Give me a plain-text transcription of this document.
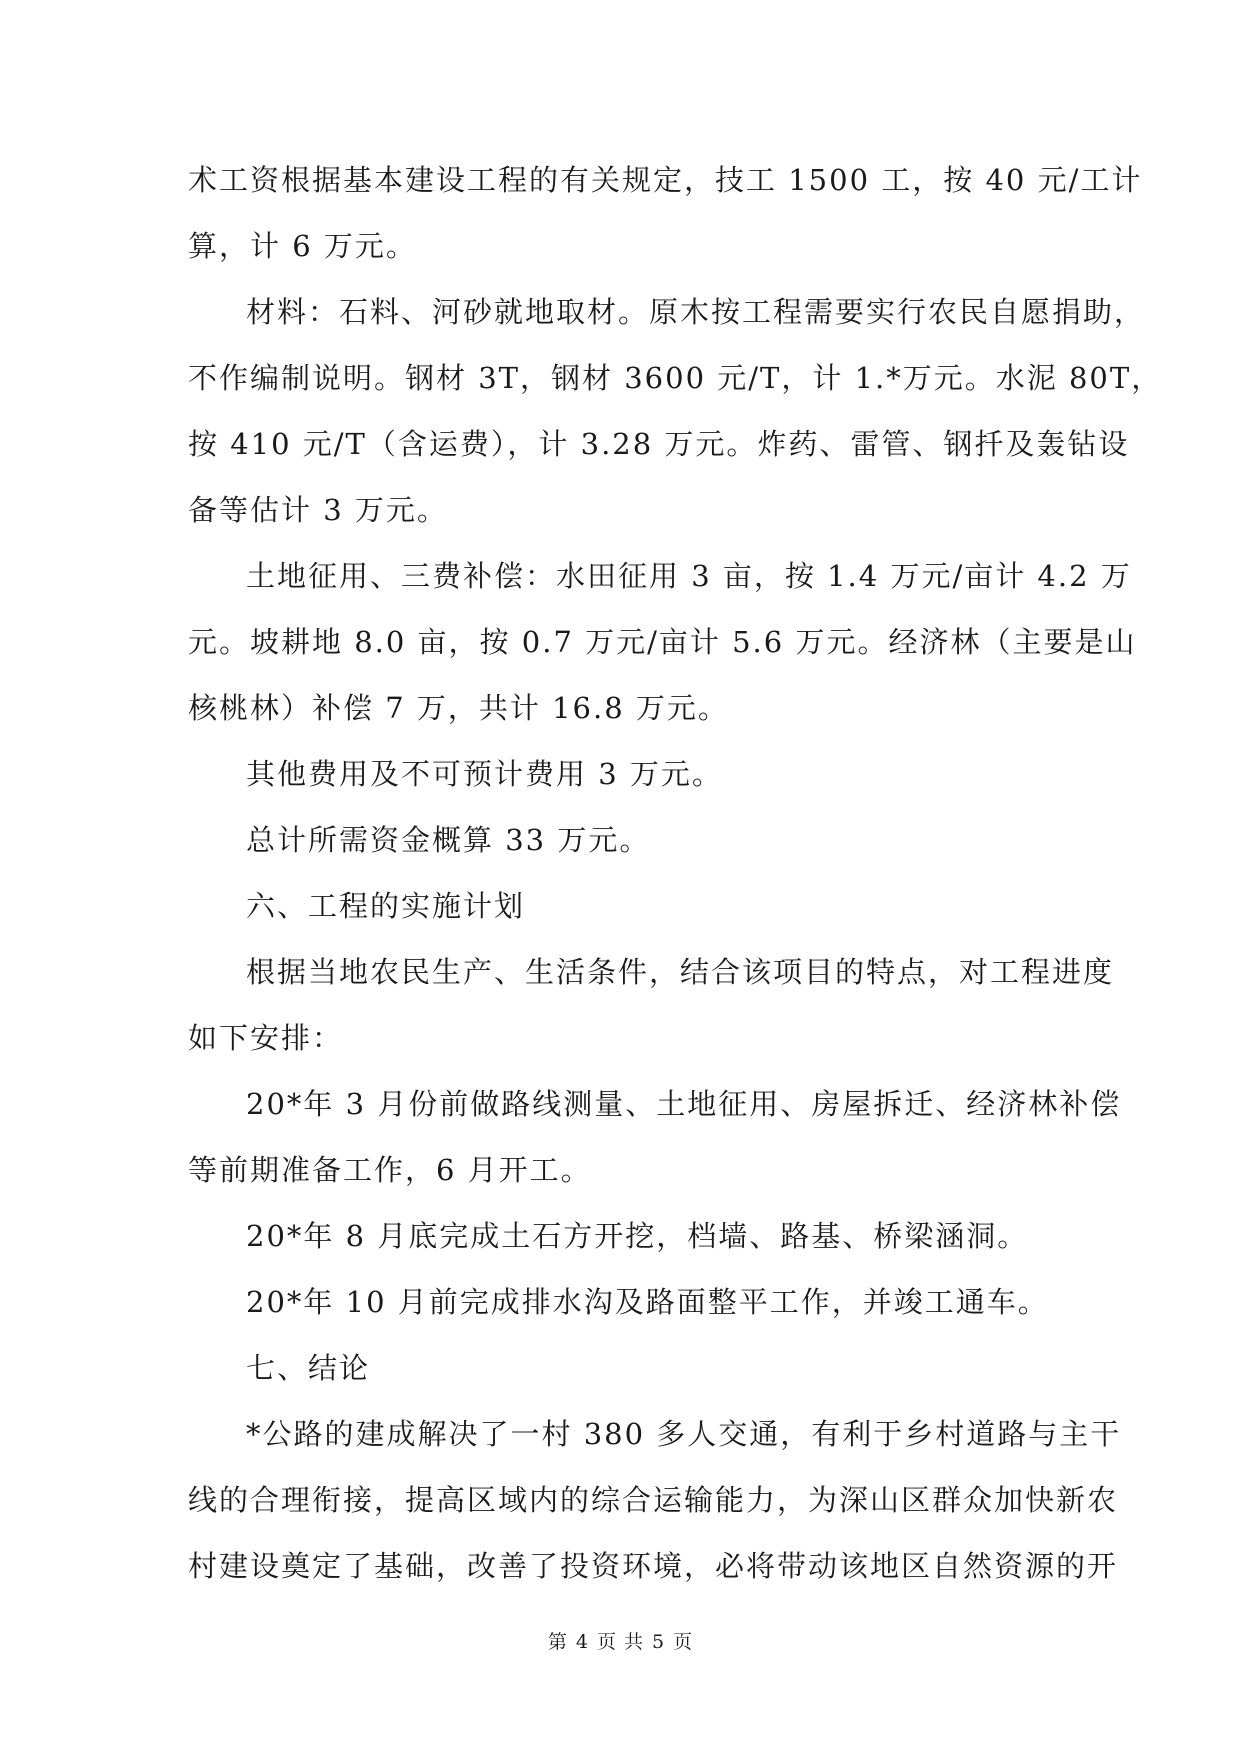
术工资根据基本建设工程的有关规定，技工 1500 工，按 40 元/工计
算，计 6 万元。
材料：石料、河砂就地取材。原木按工程需要实行农民自愿捐助，
不作编制说明。钢材 3T，钢材 3600 元/T，计 1.*万元。水泥 80T，
按 410 元/T（含运费），计 3.28 万元。炸药、雷管、钢扦及轰钻设
备等估计 3 万元。
土地征用、三费补偿：水田征用 3 亩，按 1.4 万元/亩计 4.2 万
元。坡耕地 8.0 亩，按 0.7 万元/亩计 5.6 万元。经济林（主要是山
核桃林）补偿 7 万，共计 16.8 万元。
其他费用及不可预计费用 3 万元。
总计所需资金概算 33 万元。
六、工程的实施计划
根据当地农民生产、生活条件，结合该项目的特点，对工程进度
如下安排：
20*年 3 月份前做路线测量、土地征用、房屋拆迁、经济林补偿
等前期准备工作，6 月开工。
20*年 8 月底完成土石方开挖，档墙、路基、桥梁涵洞。
20*年 10 月前完成排水沟及路面整平工作，并竣工通车。
七、结论
*公路的建成解决了一村 380 多人交通，有利于乡村道路与主干
线的合理衔接，提高区域内的综合运输能力，为深山区群众加快新农
村建设奠定了基础，改善了投资环境，必将带动该地区自然资源的开
第 4 页 共 5 页
